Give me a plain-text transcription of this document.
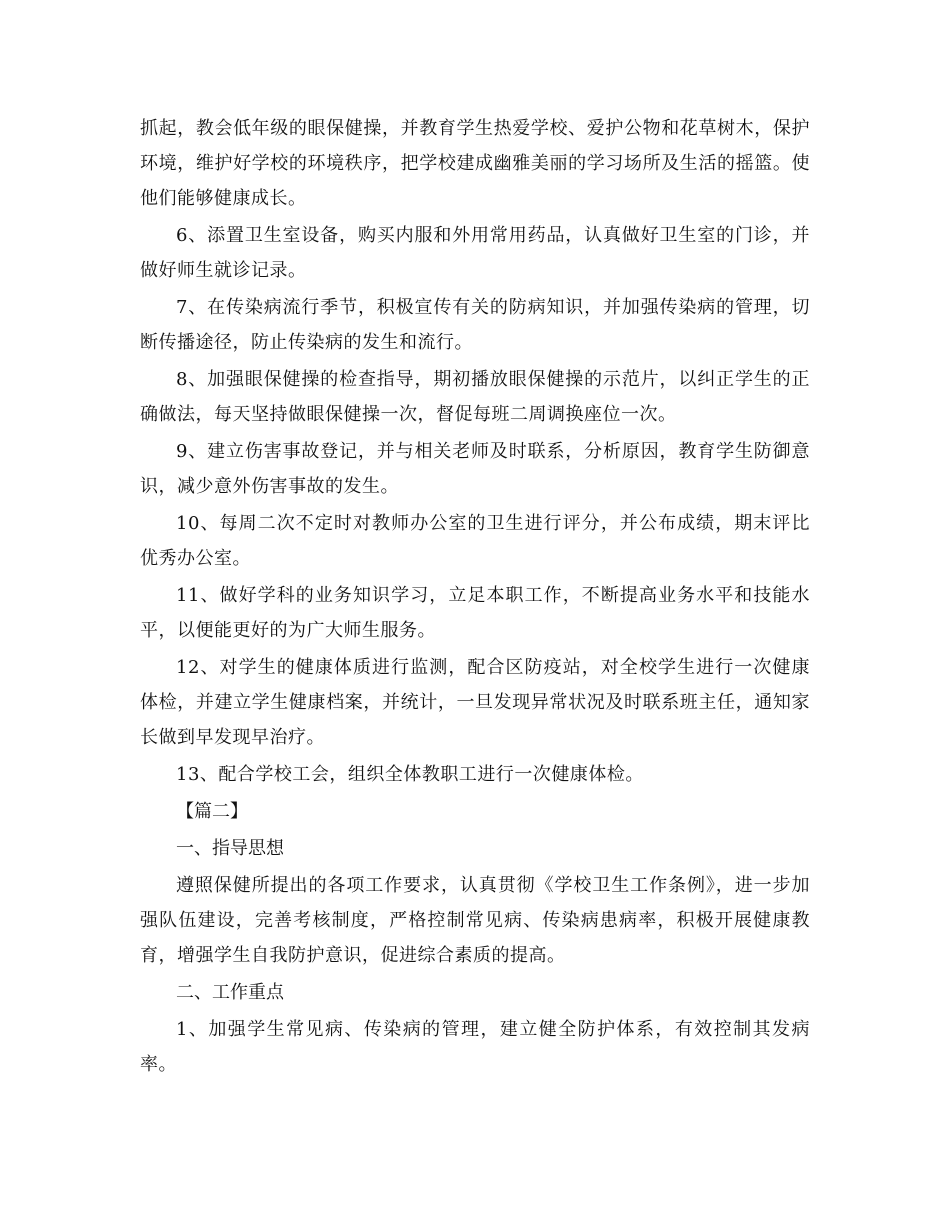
抓起，教会低年级的眼保健操，并教育学生热爱学校、爱护公物和花草树木，保护环境，维护好学校的环境秩序，把学校建成幽雅美丽的学习场所及生活的摇篮。使他们能够健康成长。

6、添置卫生室设备，购买内服和外用常用药品，认真做好卫生室的门诊，并做好师生就诊记录。

7、在传染病流行季节，积极宣传有关的防病知识，并加强传染病的管理，切断传播途径，防止传染病的发生和流行。

8、加强眼保健操的检查指导，期初播放眼保健操的示范片，以纠正学生的正确做法，每天坚持做眼保健操一次，督促每班二周调换座位一次。

9、建立伤害事故登记，并与相关老师及时联系，分析原因，教育学生防御意识，减少意外伤害事故的发生。

10、每周二次不定时对教师办公室的卫生进行评分，并公布成绩，期末评比优秀办公室。

11、做好学科的业务知识学习，立足本职工作，不断提高业务水平和技能水平，以便能更好的为广大师生服务。

12、对学生的健康体质进行监测，配合区防疫站，对全校学生进行一次健康体检，并建立学生健康档案，并统计，一旦发现异常状况及时联系班主任，通知家长做到早发现早治疗。

13、配合学校工会，组织全体教职工进行一次健康体检。

【篇二】

一、指导思想

遵照保健所提出的各项工作要求，认真贯彻《学校卫生工作条例》，进一步加强队伍建设，完善考核制度，严格控制常见病、传染病患病率，积极开展健康教育，增强学生自我防护意识，促进综合素质的提高。

二、工作重点

1、加强学生常见病、传染病的管理，建立健全防护体系，有效控制其发病率。
